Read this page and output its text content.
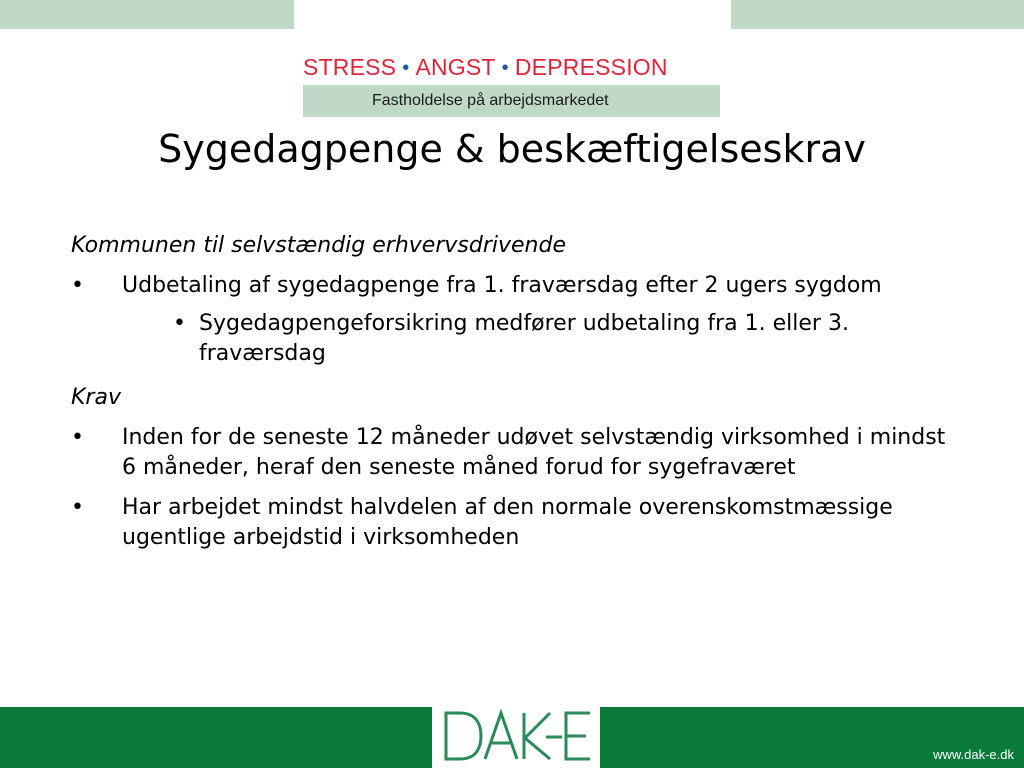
STRESS • ANGST • DEPRESSION
Fastholdelse på arbejdsmarkedet
Sygedagpenge & beskæftigelseskrav

Kommunen til selvstændig erhvervsdrivende

• Udbetaling af sygedagpenge fra 1. fraværsdag efter 2 ugers sygdom
• Sygedagpengeforsikring medfører udbetaling fra 1. eller 3. fraværsdag

Krav

• Inden for de seneste 12 måneder udøvet selvstændig virksomhed i mindst 6 måneder, heraf den seneste måned forud for sygefraværet
• Har arbejdet mindst halvdelen af den normale overenskomstmæssige ugentlige arbejdstid i virksomheden
www.dak-e.dk
